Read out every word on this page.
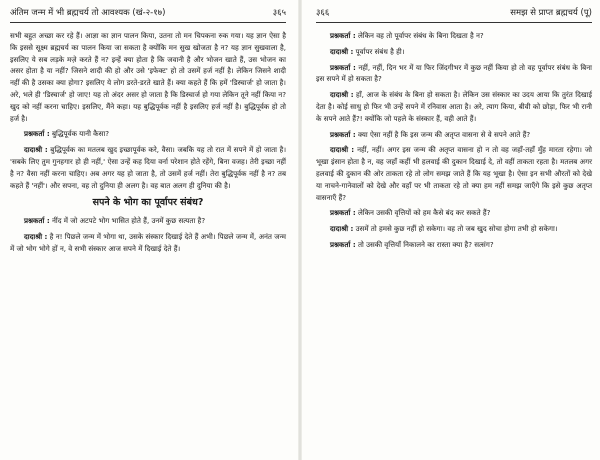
अंतिम जन्म में भी ब्रह्मचर्य तो आवश्यक (खं-२-१७)	३६५

सभी बहुत अच्छा कर रहे हैं। आज्ञा का ज्ञान पालन किया, उतना तो मन चिपकना रुक गया। यह ज्ञान ऐसा है कि इससे सूक्ष्म ब्रह्मचर्य का पालन किया जा सकता है क्योंकि मन सुख खोजता है न? यह ज्ञान सुखवाला है, इसलिए ये सब लड़के मज़े करते हैं न? इन्हें क्या होता है कि जवानी है और भोजन खाते हैं, उस भोजन का असर होता है या नहीं? जिसने शादी की हो और उसे 'इफेक्ट' हो तो उसमें हर्ज नहीं है। लेकिन जिसने शादी नहीं की है उसका क्या होगा? इसलिए ये लोग डरते-डरते खाते हैं। क्या कहते हैं कि हमें 'डिस्चार्ज' हो जाता है। अरे, भले ही 'डिस्चार्ज' हो जाए! यह तो अंदर असर हो जाता है कि डिस्चार्ज हो गया लेकिन तूने नहीं किया न? खुद को नहीं करना चाहिए। इसलिए, मैंने कहा। यह बुद्धिपूर्वक नहीं है इसलिए हर्ज नहीं है। बुद्धिपूर्वक हो तो हर्ज है।

प्रश्नकर्ता : बुद्धिपूर्वक यानी कैसा?

दादाश्री : बुद्धिपूर्वक का मतलब खुद इच्छापूर्वक करे, वैसा। जबकि यह तो रात में सपने में हो जाता है। 'सबके लिए तुम गुनहगार हो ही नहीं,' ऐसा उन्हें कह दिया वर्ना परेशान होते रहेंगे, बिना वजह। तेरी इच्छा नहीं है न? वैसा नहीं करना चाहिए। अब अगर यह हो जाता है, तो उसमें हर्ज नहीं। तेरा बुद्धिपूर्वक नहीं है न? तब कहते हैं 'नहीं'। और सपना, वह तो दुनिया ही अलग है। वह बात अलग ही दुनिया की है।

सपने के भोग का पूर्वापर संबंध?

प्रश्नकर्ता : नींद में जो अटपटे भोग भासित होते हैं, उनमें कुछ सत्यता है?

दादाश्री : है न! पिछले जन्म में भोगा था, उसके संस्कार दिखाई देते हैं अभी। पिछले जन्म में, अनंत जन्म में जो भोग भोगे हों न, वे सभी संस्कार आज सपने में दिखाई देते हैं।

३६६	समझ से प्राप्त ब्रह्मचर्य (पू)

प्रश्नकर्ता : लेकिन वह तो पूर्वापर संबंध के बिना दिखता है न?

दादाश्री : पूर्वापर संबंध है ही।

प्रश्नकर्ता : नहीं, नहीं, दिन भर में या फिर जिंदगीभर में कुछ नहीं किया हो तो वह पूर्वापर संबंध के बिना इस सपने में हो सकता है?

दादाश्री : हाँ, आज के संबंध के बिना हो सकता है। लेकिन उस संस्कार का उदय आया कि तुरंत दिखाई देता है। कोई साधु हो फिर भी उन्हें सपने में रनिवास आता है। अरे, त्याग किया, बीवी को छोड़ा, फिर भी रानी के सपने आते हैं?! क्योंकि जो पहले के संस्कार हैं, वही आते हैं।

प्रश्नकर्ता : क्या ऐसा नहीं है कि इस जन्म की अतृप्त वासना से वे सपने आते हैं?

दादाश्री : नहीं, नहीं। अगर इस जन्म की अतृप्त वासना हो न तो वह जहाँ-तहाँ मुँह मारता रहेगा। जो भूखा इंसान होता है न, वह जहाँ कहीं भी हलवाई की दुकान दिखाई दे, तो वहीं ताकता रहता है। मतलब अगर हलवाई की दुकान की ओर ताकता रहे तो लोग समझ जाते हैं कि यह भूखा है। ऐसा इन सभी औरतों को देखे या नाचने-गानेवालों को देखे और वहाँ पर भी ताकता रहे तो क्या हम नहीं समझ जाएँगे कि इसे कुछ अतृप्त वासनाएँ हैं?

प्रश्नकर्ता : लेकिन उसकी वृत्तियों को हम कैसे बंद कर सकते हैं?

दादाश्री : उसमें तो हमसे कुछ नहीं हो सकेगा। वह तो जब खुद सोचा होगा तभी हो सकेगा।

प्रश्नकर्ता : तो उसकी वृत्तियाँ निकालने का रास्ता क्या है? सत्संग?
